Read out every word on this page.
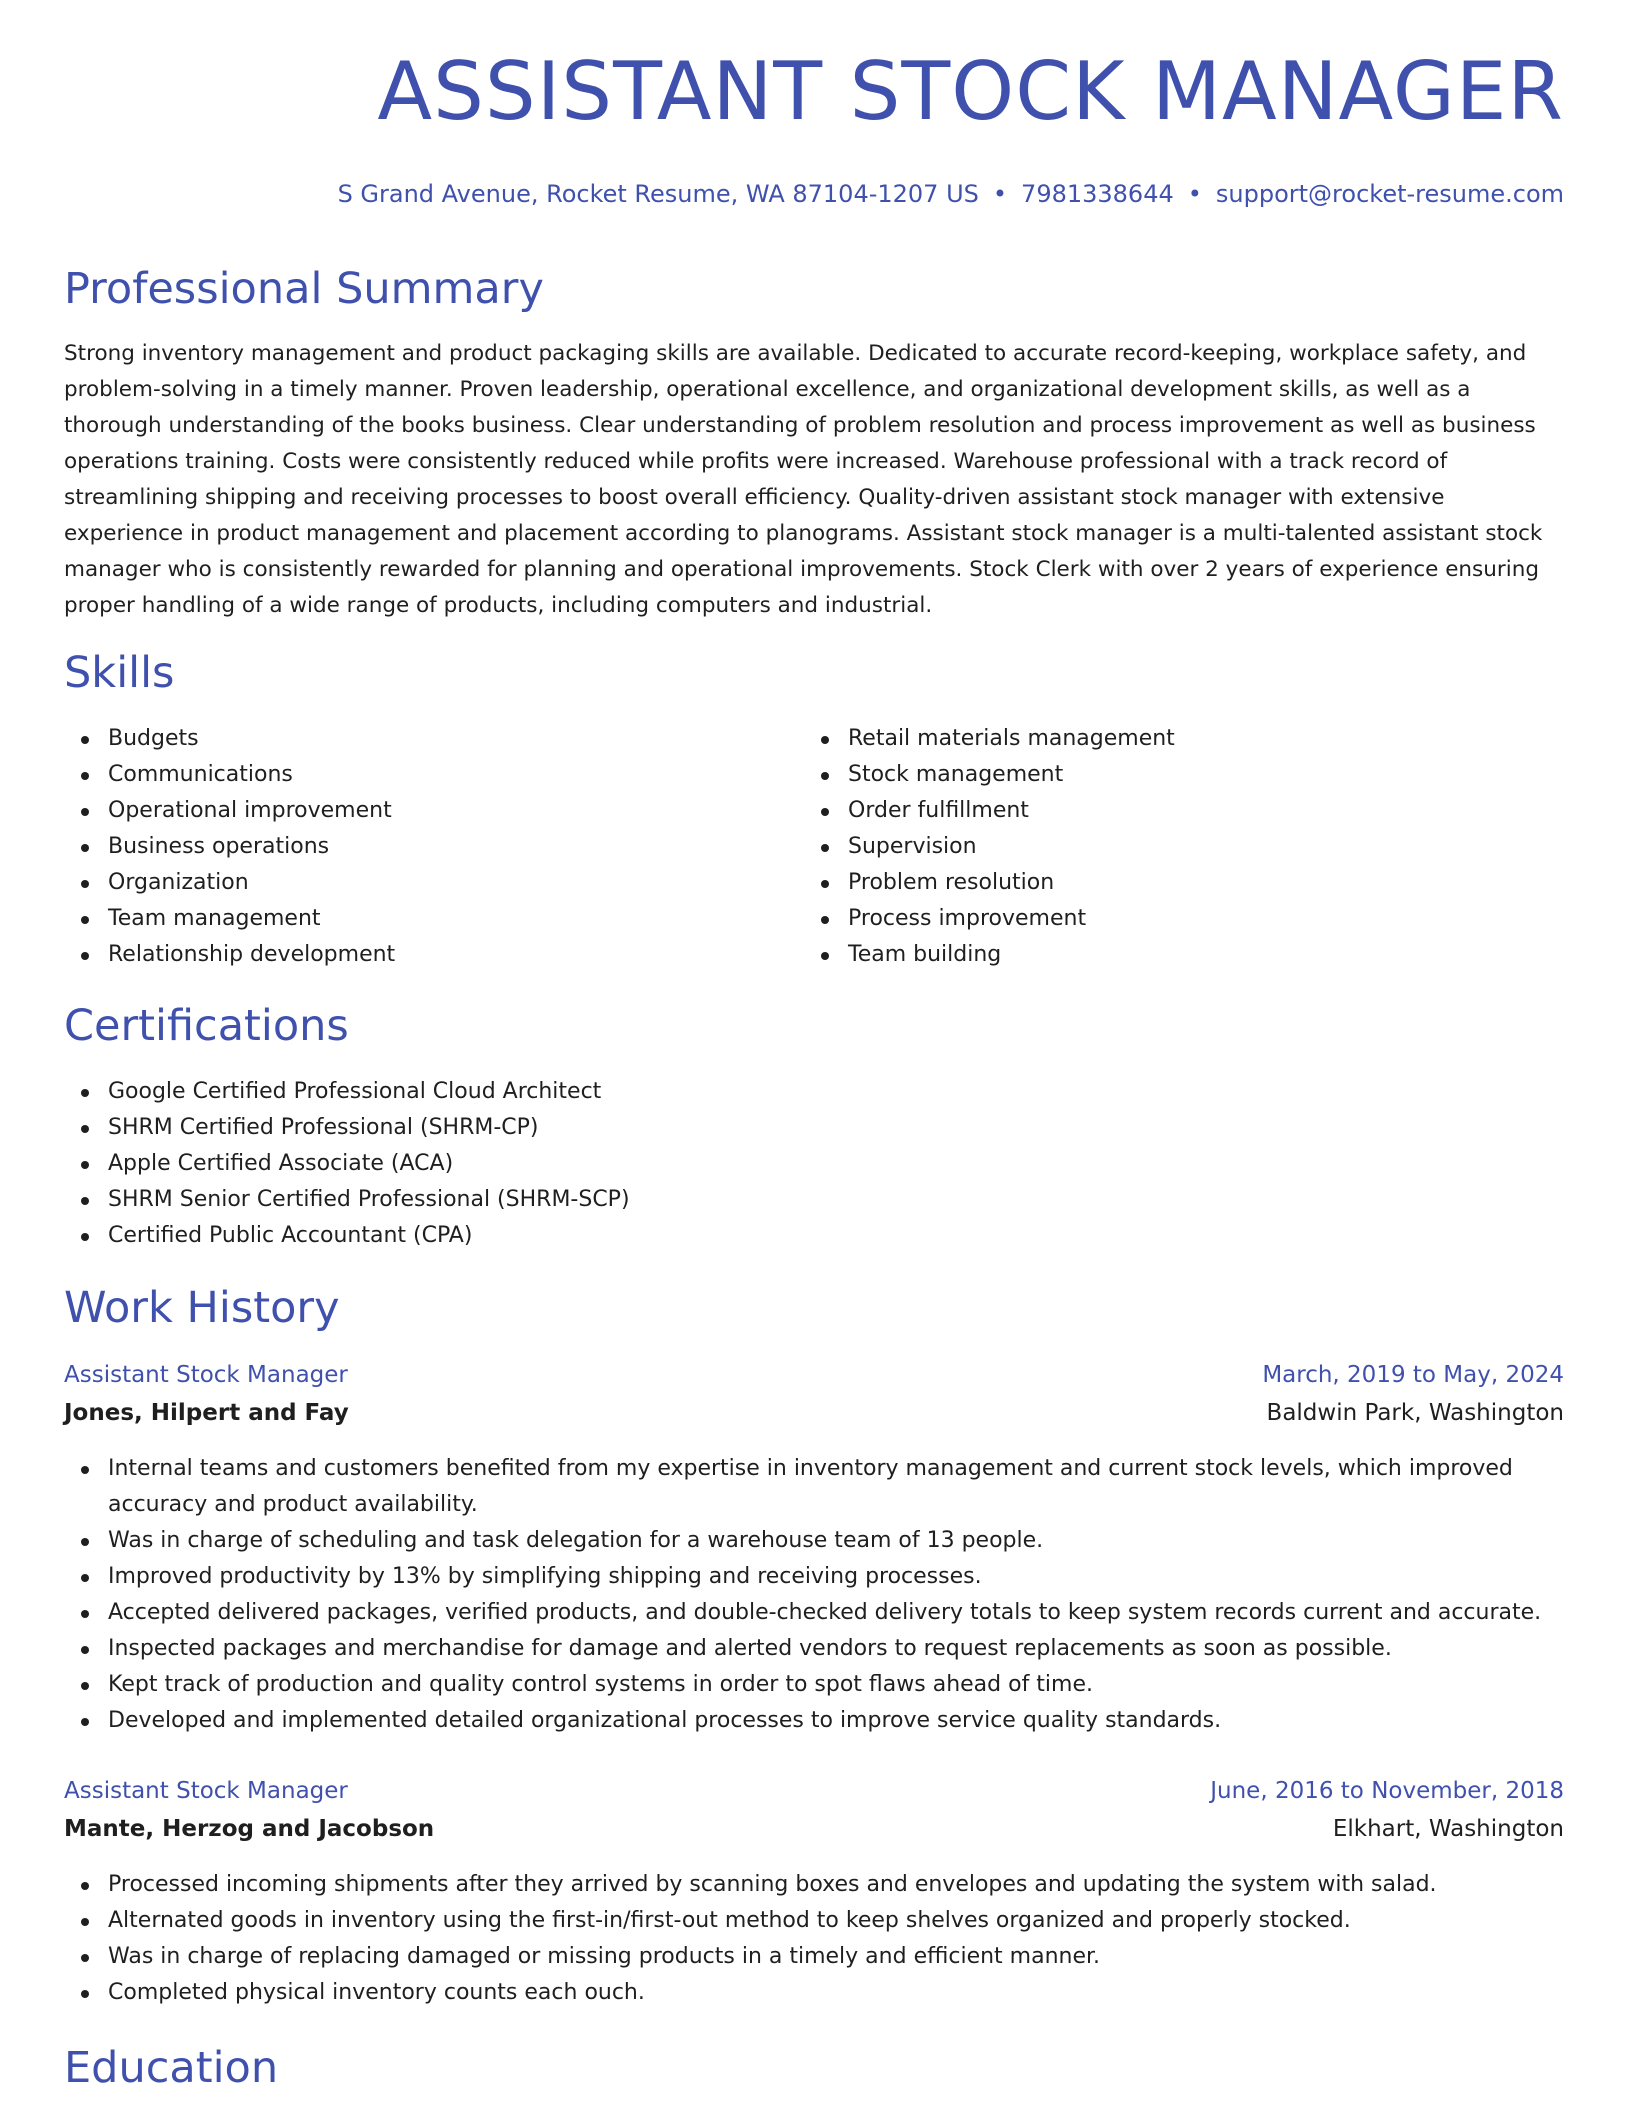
ASSISTANT STOCK MANAGER
S Grand Avenue, Rocket Resume, WA 87104-1207 US • 7981338644 • support@rocket-resume.com
Professional Summary

Strong inventory management and product packaging skills are available. Dedicated to accurate record-keeping, workplace safety, and problem-solving in a timely manner. Proven leadership, operational excellence, and organizational development skills, as well as a thorough understanding of the books business. Clear understanding of problem resolution and process improvement as well as business operations training. Costs were consistently reduced while profits were increased. Warehouse professional with a track record of streamlining shipping and receiving processes to boost overall efficiency. Quality-driven assistant stock manager with extensive experience in product management and placement according to planograms. Assistant stock manager is a multi-talented assistant stock manager who is consistently rewarded for planning and operational improvements. Stock Clerk with over 2 years of experience ensuring proper handling of a wide range of products, including computers and industrial.

Skills
Budgets
Communications
Operational improvement
Business operations
Organization
Team management
Relationship development
Retail materials management
Stock management
Order fulfillment
Supervision
Problem resolution
Process improvement
Team building
Certifications
Google Certified Professional Cloud Architect
SHRM Certified Professional (SHRM-CP)
Apple Certified Associate (ACA)
SHRM Senior Certified Professional (SHRM-SCP)
Certified Public Accountant (CPA)
Work History
Assistant Stock Manager	March, 2019 to May, 2024
Jones, Hilpert and Fay	Baldwin Park, Washington
Internal teams and customers benefited from my expertise in inventory management and current stock levels, which improved accuracy and product availability.
Was in charge of scheduling and task delegation for a warehouse team of 13 people.
Improved productivity by 13% by simplifying shipping and receiving processes.
Accepted delivered packages, verified products, and double-checked delivery totals to keep system records current and accurate.
Inspected packages and merchandise for damage and alerted vendors to request replacements as soon as possible.
Kept track of production and quality control systems in order to spot flaws ahead of time.
Developed and implemented detailed organizational processes to improve service quality standards.
Assistant Stock Manager	June, 2016 to November, 2018
Mante, Herzog and Jacobson	Elkhart, Washington
Processed incoming shipments after they arrived by scanning boxes and envelopes and updating the system with salad.
Alternated goods in inventory using the first-in/first-out method to keep shelves organized and properly stocked.
Was in charge of replacing damaged or missing products in a timely and efficient manner.
Completed physical inventory counts each ouch.
Education
